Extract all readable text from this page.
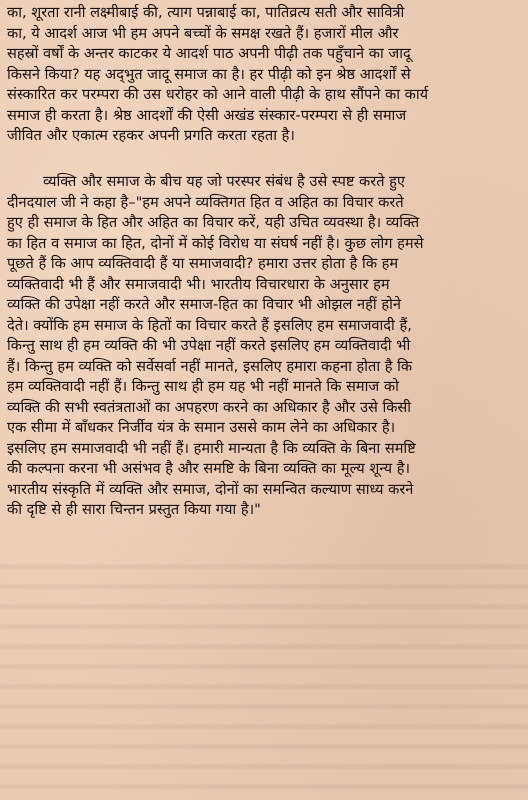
का, शूरता रानी लक्ष्मीबाई की, त्याग पन्नाबाई का, पातिव्रत्य सती और सावित्री
का, ये आदर्श आज भी हम अपने बच्चों के समक्ष रखते हैं। हजारों मील और
सहस्रों वर्षों के अन्तर काटकर ये आदर्श पाठ अपनी पीढ़ी तक पहुँचाने का जादू
किसने किया? यह अद्‌भुत जादू समाज का है। हर पीढ़ी को इन श्रेष्ठ आदर्शों से
संस्कारित कर परम्परा की उस धरोहर को आने वाली पीढ़ी के हाथ सौंपने का कार्य
समाज ही करता है। श्रेष्ठ आदर्शों की ऐसी अखंड संस्कार-परम्परा से ही समाज
जीवित और एकात्म रहकर अपनी प्रगति करता रहता है।
व्यक्ति और समाज के बीच यह जो परस्पर संबंध है उसे स्पष्ट करते हुए
दीनदयाल जी ने कहा है–"हम अपने व्यक्तिगत हित व अहित का विचार करते
हुए ही समाज के हित और अहित का विचार करें, यही उचित व्यवस्था है। व्यक्ति
का हित व समाज का हित, दोनों में कोई विरोध या संघर्ष नहीं है। कुछ लोग हमसे
पूछते हैं कि आप व्यक्तिवादी हैं या समाजवादी? हमारा उत्तर होता है कि हम
व्यक्तिवादी भी हैं और समाजवादी भी। भारतीय विचारधारा के अनुसार हम
व्यक्ति की उपेक्षा नहीं करते और समाज-हित का विचार भी ओझल नहीं होने
देते। क्योंकि हम समाज के हितों का विचार करते हैं इसलिए हम समाजवादी हैं,
किन्तु साथ ही हम व्यक्ति की भी उपेक्षा नहीं करते इसलिए हम व्यक्तिवादी भी
हैं। किन्तु हम व्यक्ति को सर्वेसर्वा नहीं मानते, इसलिए हमारा कहना होता है कि
हम व्यक्तिवादी नहीं हैं। किन्तु साथ ही हम यह भी नहीं मानते कि समाज को
व्यक्ति की सभी स्वतंत्रताओं का अपहरण करने का अधिकार है और उसे किसी
एक सीमा में बाँधकर निर्जीव यंत्र के समान उससे काम लेने का अधिकार है।
इसलिए हम समाजवादी भी नहीं हैं। हमारी मान्यता है कि व्यक्ति के बिना समष्टि
की कल्पना करना भी असंभव है और समष्टि के बिना व्यक्ति का मूल्य शून्य है।
भारतीय संस्कृति में व्यक्ति और समाज, दोनों का समन्वित कल्याण साध्य करने
की दृष्टि से ही सारा चिन्तन प्रस्तुत किया गया है।"
